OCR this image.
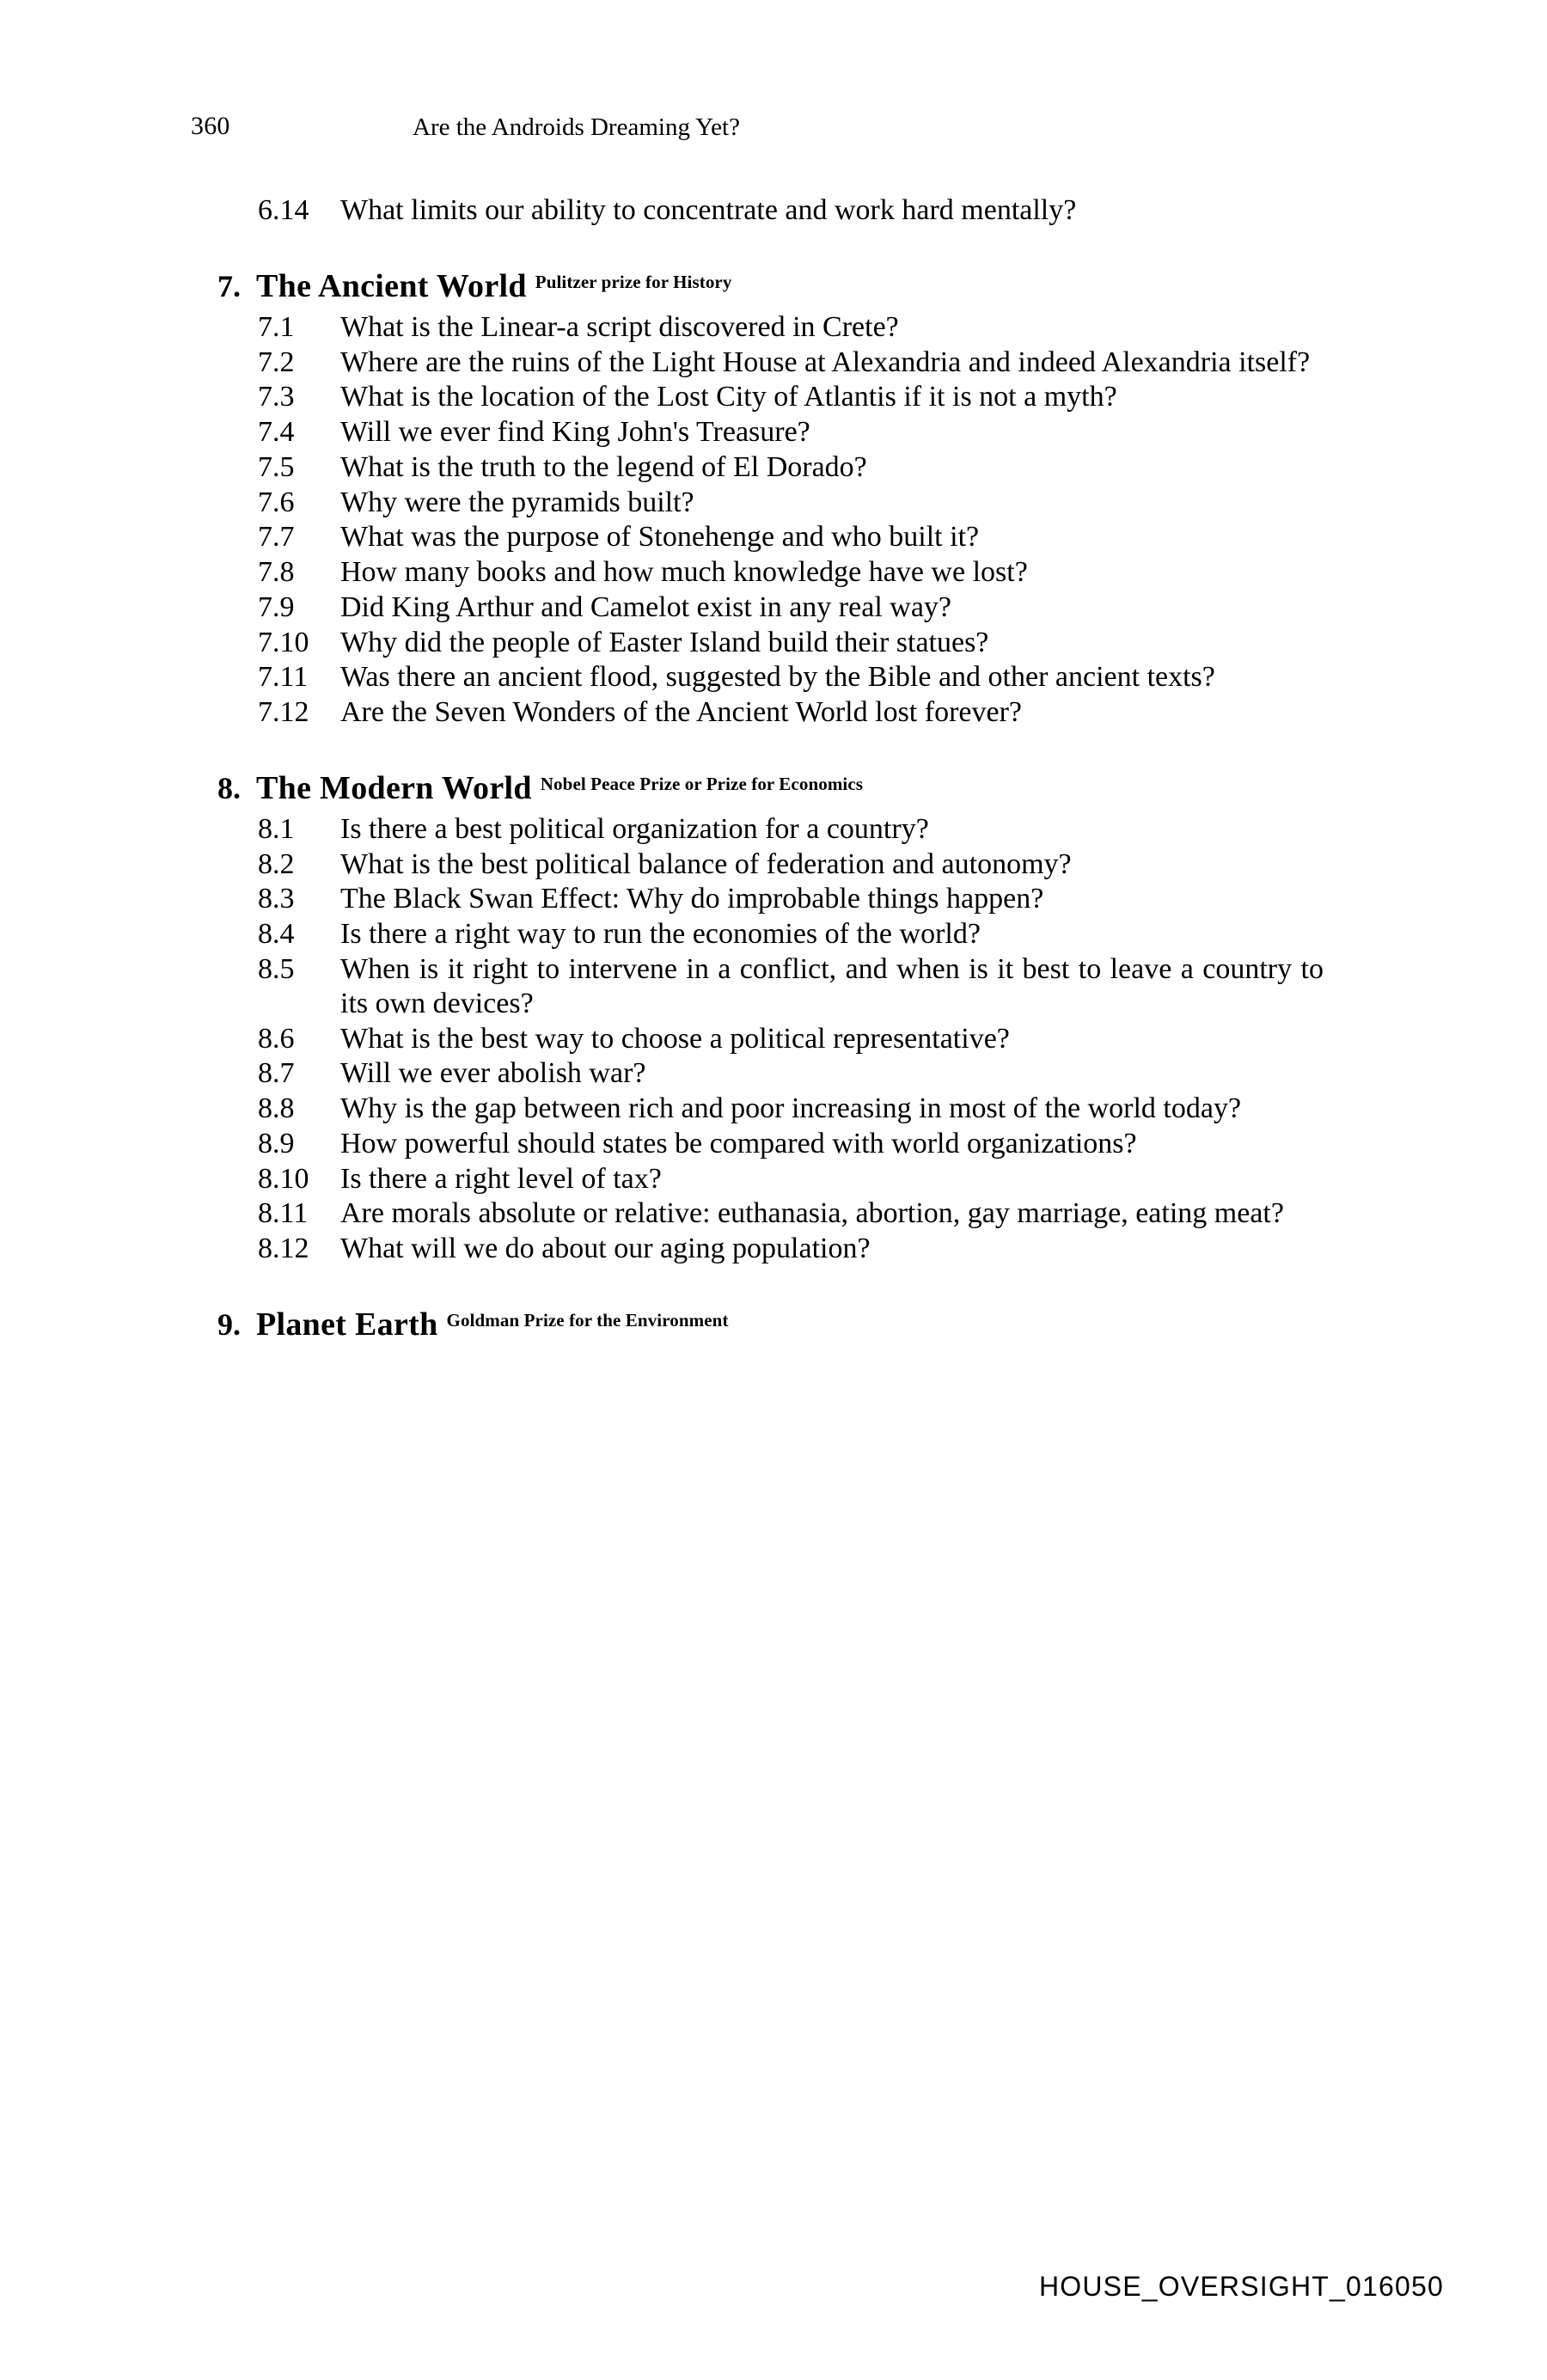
360	Are the Androids Dreaming Yet?
6.14	What limits our ability to concentrate and work hard mentally?
7. The Ancient World Pulitzer prize for History
7.1	What is the Linear-a script discovered in Crete?
7.2	Where are the ruins of the Light House at Alexandria and indeed Alexandria itself?
7.3	What is the location of the Lost City of Atlantis if it is not a myth?
7.4	Will we ever find King John's Treasure?
7.5	What is the truth to the legend of El Dorado?
7.6	Why were the pyramids built?
7.7	What was the purpose of Stonehenge and who built it?
7.8	How many books and how much knowledge have we lost?
7.9	Did King Arthur and Camelot exist in any real way?
7.10	Why did the people of Easter Island build their statues?
7.11	Was there an ancient flood, suggested by the Bible and other ancient texts?
7.12	Are the Seven Wonders of the Ancient World lost forever?
8. The Modern World Nobel Peace Prize or Prize for Economics
8.1	Is there a best political organization for a country?
8.2	What is the best political balance of federation and autonomy?
8.3	The Black Swan Effect: Why do improbable things happen?
8.4	Is there a right way to run the economies of the world?
8.5	When is it right to intervene in a conflict, and when is it best to leave a country to its own devices?
8.6	What is the best way to choose a political representative?
8.7	Will we ever abolish war?
8.8	Why is the gap between rich and poor increasing in most of the world today?
8.9	How powerful should states be compared with world organizations?
8.10	Is there a right level of tax?
8.11	Are morals absolute or relative: euthanasia, abortion, gay marriage, eating meat?
8.12	What will we do about our aging population?
9. Planet Earth Goldman Prize for the Environment
HOUSE_OVERSIGHT_016050
